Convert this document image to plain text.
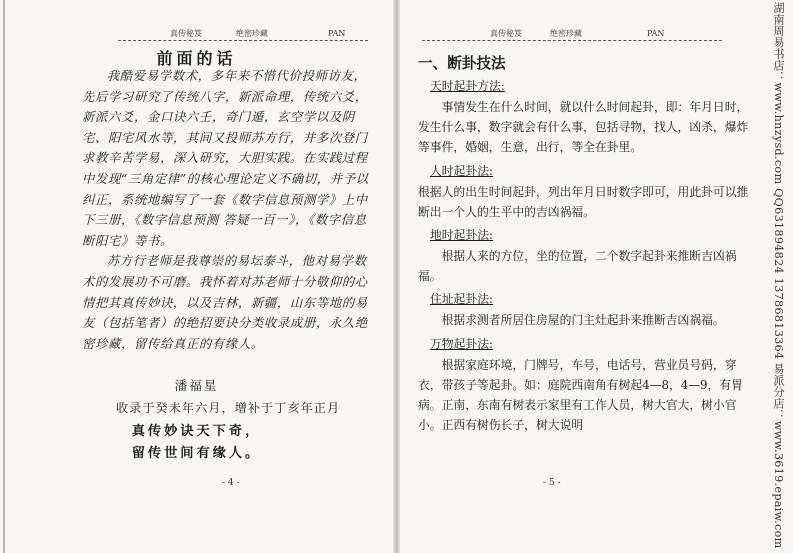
真传秘笈	绝密珍藏	PAN
前面的话

我酷爱易学数术，多年来不惜代价投师访友，先后学习研究了传统八字，新派命理，传统六爻，新派六爻，金口诀六壬，奇门遁，玄空学以及阴宅、阳宅风水等，其间又投师苏方行，并多次登门求教辛苦学易，深入研究，大胆实践。在实践过程中发现“三角定律”的核心理论定义不确切，并予以纠正，系统地编写了一套《数字信息预测学》上中下三册，《数字信息预测 答疑一百一》，《数字信息断阳宅》等书。

苏方行老师是我尊崇的易坛泰斗，他对易学数术的发展功不可磨。我怀着对苏老师十分敬仰的心情把其真传妙诀，以及吉林，新疆，山东等地的易友（包括笔者）的绝招要诀分类收录成册，永久绝密珍藏，留传给真正的有缘人。

潘福星
收录于癸未年六月，增补于丁亥年正月
真传妙诀天下奇，
留传世间有缘人。
- 4 -
真传秘笈	绝密珍藏	PAN
一、断卦技法
天时起卦方法:

事情发生在什么时间，就以什么时间起卦，即：年月日时，发生什么事，数字就会有什么事，包括寻物，找人，凶杀，爆炸等事件，婚姻，生意，出行，等全在卦里。

人时起卦法:

根据人的出生时间起卦，列出年月日时数字即可，用此卦可以推断出一个人的生平中的吉凶祸福。

地时起卦法:

根据人来的方位，坐的位置，二个数字起卦来推断吉凶祸福。

住址起卦法:

根据求测者所居住房屋的门主灶起卦来推断吉凶祸福。

万物起卦法:

根据家庭环境，门牌号，车号，电话号，营业员号码，穿衣，带孩子等起卦。如：庭院西南角有树起4—8，4—9，有胃病。正南，东南有树表示家里有工作人员，树大官大，树小官小。正西有树伤长子，树大说明

- 5 -	湖南周易书店：www.hnzysd.com QQ631894824 13786813364 易派分店：www.3619.epaiw.com
